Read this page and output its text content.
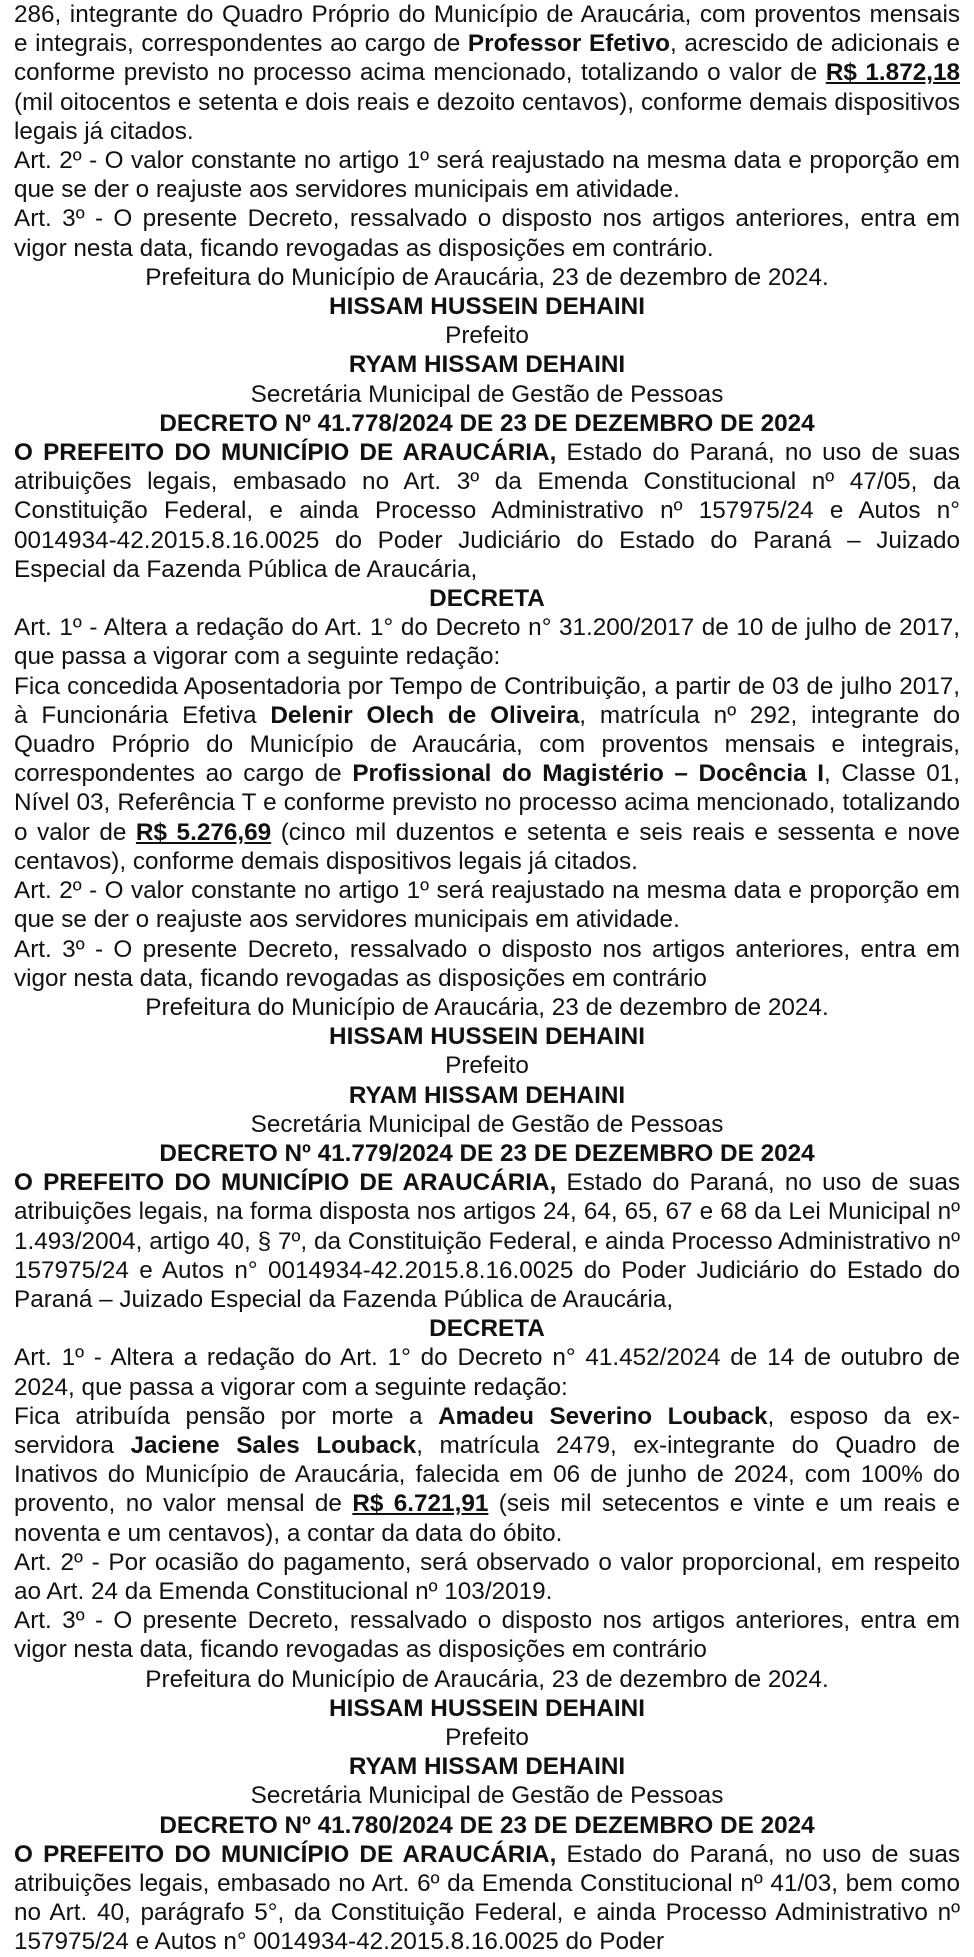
286, integrante do Quadro Próprio do Município de Araucária, com proventos mensais e integrais, correspondentes ao cargo de Professor Efetivo, acrescido de adicionais e conforme previsto no processo acima mencionado, totalizando o valor de R$ 1.872,18 (mil oitocentos e setenta e dois reais e dezoito centavos), conforme demais dispositivos legais já citados.

Art. 2º - O valor constante no artigo 1º será reajustado na mesma data e proporção em que se der o reajuste aos servidores municipais em atividade.

Art. 3º - O presente Decreto, ressalvado o disposto nos artigos anteriores, entra em vigor nesta data, ficando revogadas as disposições em contrário.

Prefeitura do Município de Araucária, 23 de dezembro de 2024.

HISSAM HUSSEIN DEHAINI

Prefeito

RYAM HISSAM DEHAINI

Secretária Municipal de Gestão de Pessoas

DECRETO Nº 41.778/2024 DE 23 DE DEZEMBRO DE 2024

O PREFEITO DO MUNICÍPIO DE ARAUCÁRIA, Estado do Paraná, no uso de suas atribuições legais, embasado no Art. 3º da Emenda Constitucional nº 47/05, da Constituição Federal, e ainda Processo Administrativo nº 157975/24 e Autos n° 0014934-42.2015.8.16.0025 do Poder Judiciário do Estado do Paraná – Juizado Especial da Fazenda Pública de Araucária,

DECRETA

Art. 1º - Altera a redação do Art. 1° do Decreto n° 31.200/2017 de 10 de julho de 2017, que passa a vigorar com a seguinte redação:

Fica concedida Aposentadoria por Tempo de Contribuição, a partir de 03 de julho 2017, à Funcionária Efetiva Delenir Olech de Oliveira, matrícula nº 292, integrante do Quadro Próprio do Município de Araucária, com proventos mensais e integrais, correspondentes ao cargo de Profissional do Magistério – Docência I, Classe 01, Nível 03, Referência T e conforme previsto no processo acima mencionado, totalizando o valor de R$ 5.276,69 (cinco mil duzentos e setenta e seis reais e sessenta e nove centavos), conforme demais dispositivos legais já citados.

Art. 2º - O valor constante no artigo 1º será reajustado na mesma data e proporção em que se der o reajuste aos servidores municipais em atividade.

Art. 3º - O presente Decreto, ressalvado o disposto nos artigos anteriores, entra em vigor nesta data, ficando revogadas as disposições em contrário

Prefeitura do Município de Araucária, 23 de dezembro de 2024.

HISSAM HUSSEIN DEHAINI

Prefeito

RYAM HISSAM DEHAINI

Secretária Municipal de Gestão de Pessoas

DECRETO Nº 41.779/2024 DE 23 DE DEZEMBRO DE 2024

O PREFEITO DO MUNICÍPIO DE ARAUCÁRIA, Estado do Paraná, no uso de suas atribuições legais, na forma disposta nos artigos 24, 64, 65, 67 e 68 da Lei Municipal nº 1.493/2004, artigo 40, § 7º, da Constituição Federal, e ainda Processo Administrativo nº 157975/24 e Autos n° 0014934-42.2015.8.16.0025 do Poder Judiciário do Estado do Paraná – Juizado Especial da Fazenda Pública de Araucária,

DECRETA

Art. 1º - Altera a redação do Art. 1° do Decreto n° 41.452/2024 de 14 de outubro de 2024, que passa a vigorar com a seguinte redação:

Fica atribuída pensão por morte a Amadeu Severino Louback, esposo da ex-servidora Jaciene Sales Louback, matrícula 2479, ex-integrante do Quadro de Inativos do Município de Araucária, falecida em 06 de junho de 2024, com 100% do provento, no valor mensal de R$ 6.721,91 (seis mil setecentos e vinte e um reais e noventa e um centavos), a contar da data do óbito.

Art. 2º - Por ocasião do pagamento, será observado o valor proporcional, em respeito ao Art. 24 da Emenda Constitucional nº 103/2019.

Art. 3º - O presente Decreto, ressalvado o disposto nos artigos anteriores, entra em vigor nesta data, ficando revogadas as disposições em contrário

Prefeitura do Município de Araucária, 23 de dezembro de 2024.

HISSAM HUSSEIN DEHAINI

Prefeito

RYAM HISSAM DEHAINI

Secretária Municipal de Gestão de Pessoas

DECRETO Nº 41.780/2024 DE 23 DE DEZEMBRO DE 2024

O PREFEITO DO MUNICÍPIO DE ARAUCÁRIA, Estado do Paraná, no uso de suas atribuições legais, embasado no Art. 6º da Emenda Constitucional nº 41/03, bem como no Art. 40, parágrafo 5°, da Constituição Federal, e ainda Processo Administrativo nº 157975/24 e Autos n° 0014934-42.2015.8.16.0025 do Poder
